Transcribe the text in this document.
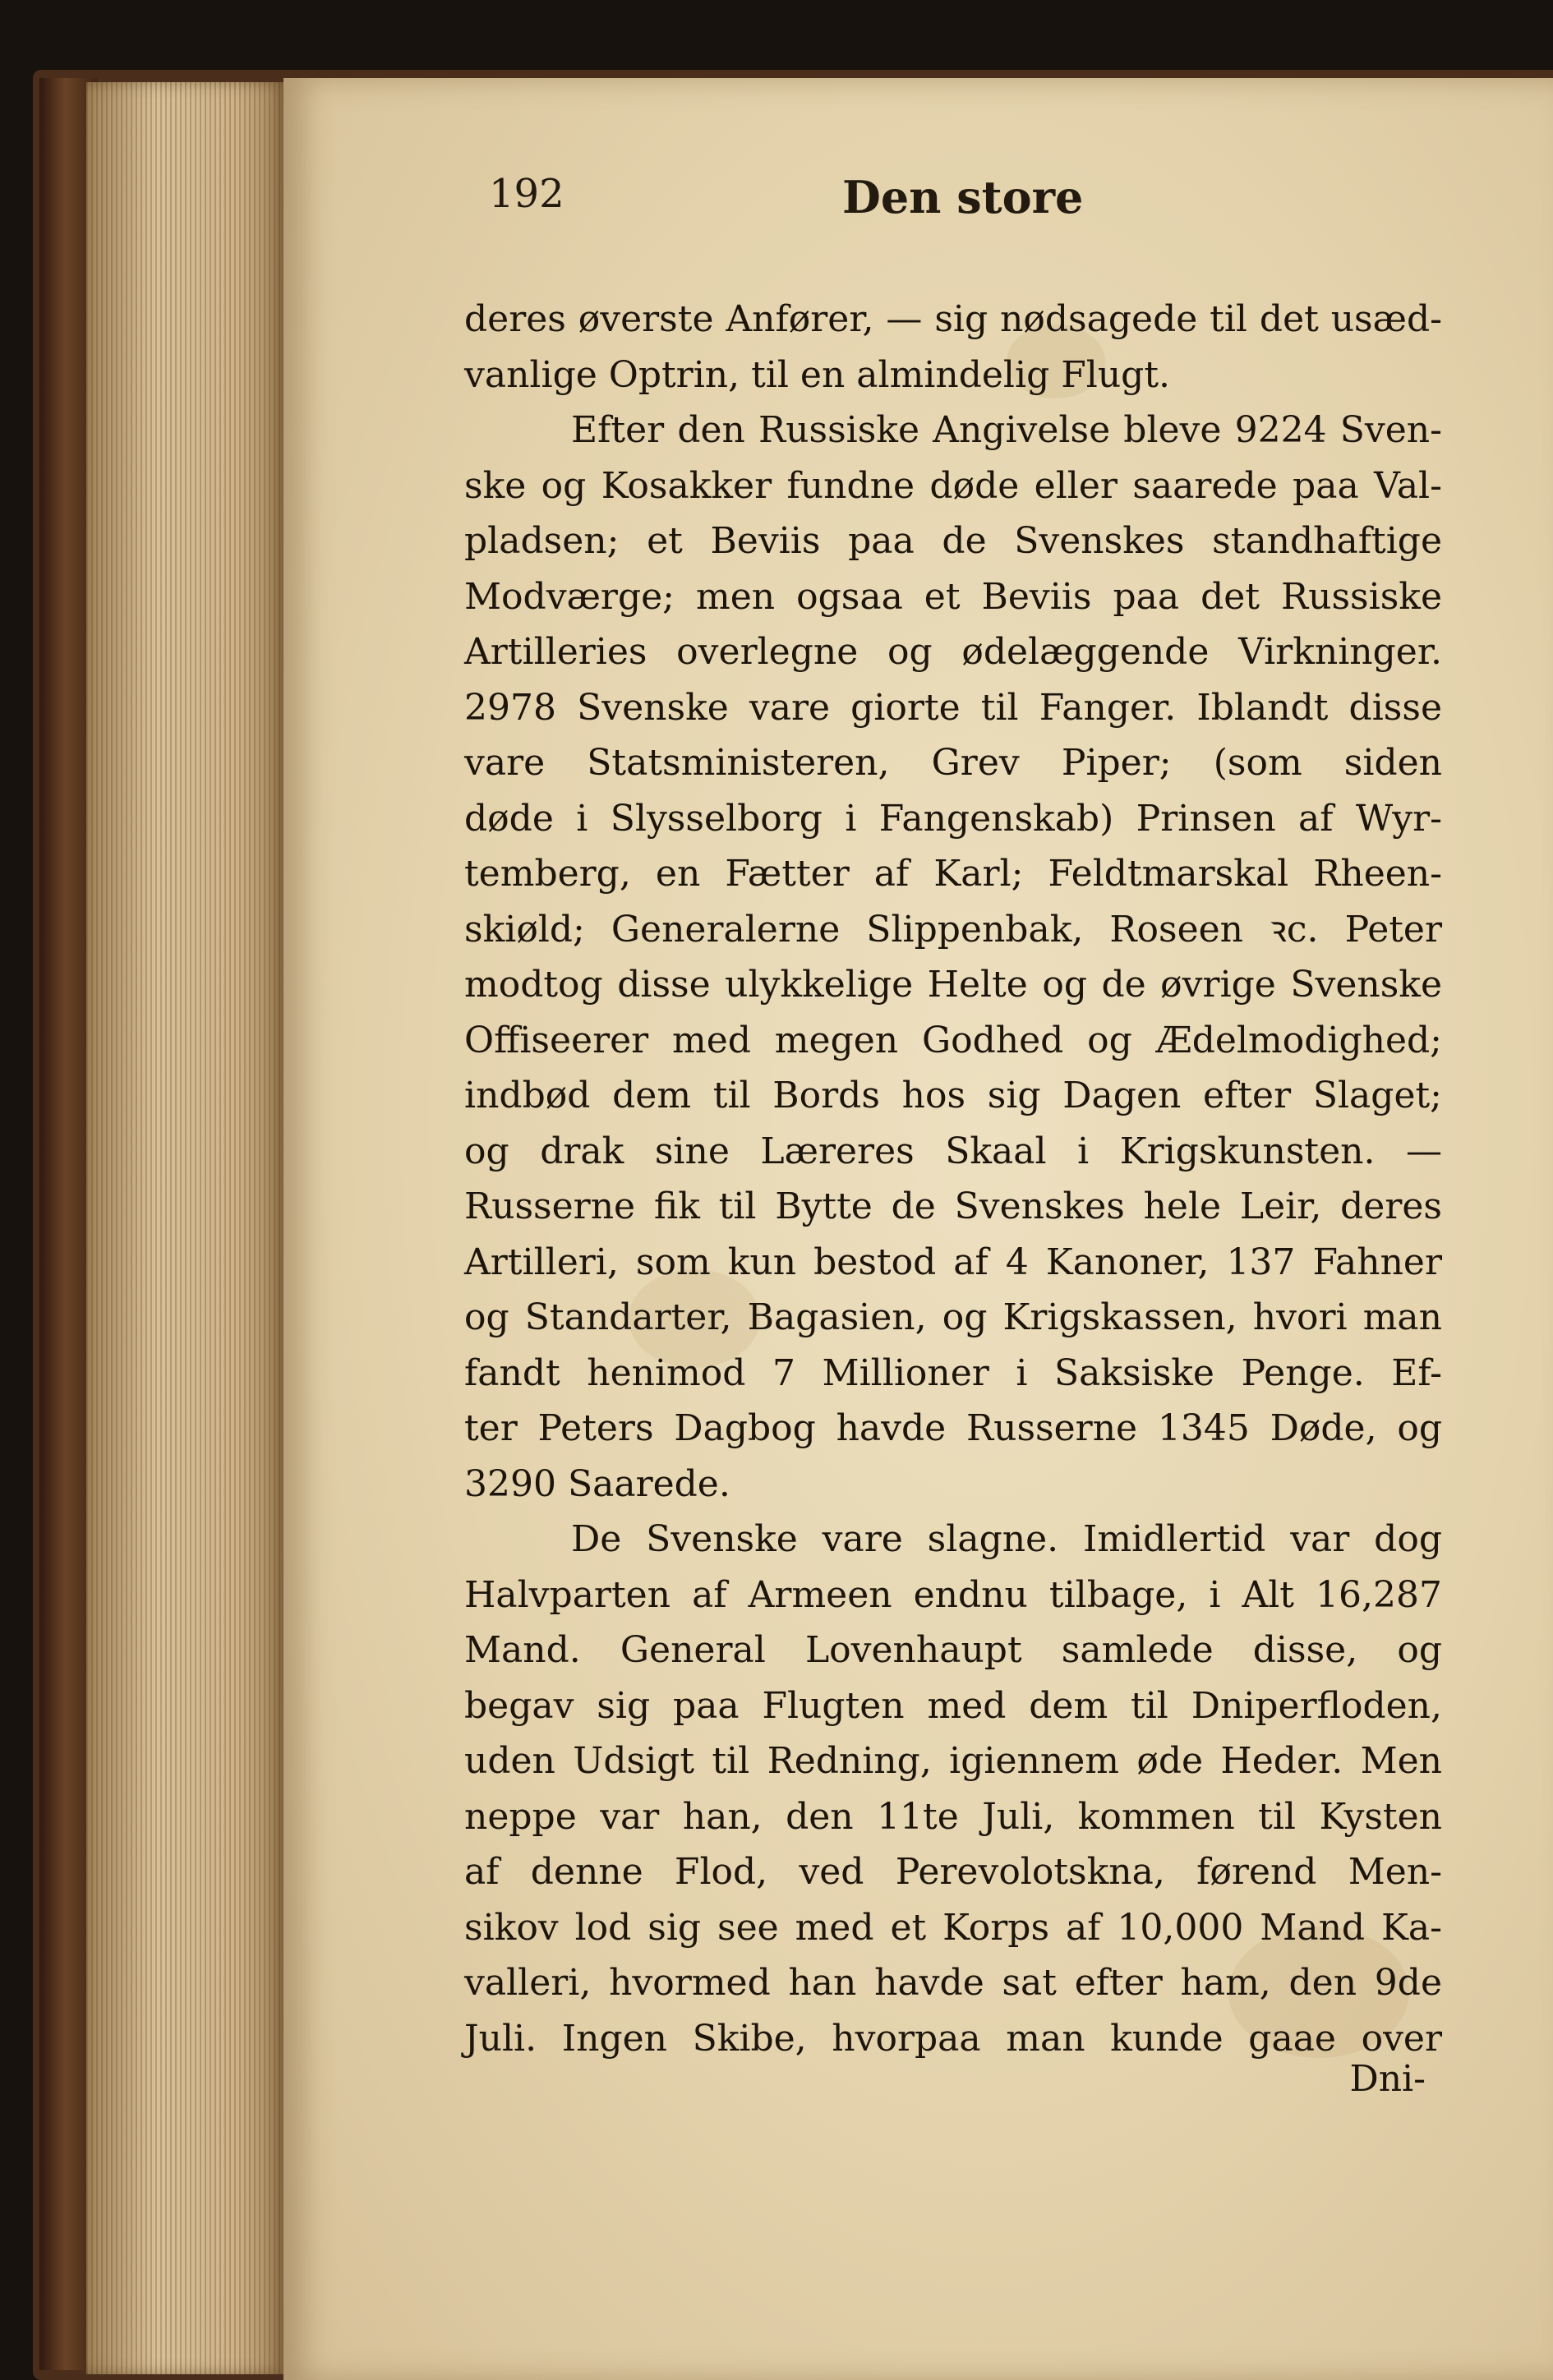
192	Den store
deres øverste Anfører, — sig nødsagede til det usæd-
vanlige Optrin, til en almindelig Flugt.
Efter den Russiske Angivelse bleve 9224 Sven-
ske og Kosakker fundne døde eller saarede paa Val-
pladsen; et Beviis paa de Svenskes standhaftige
Modværge; men ogsaa et Beviis paa det Russiske
Artilleries overlegne og ødelæggende Virkninger.
2978 Svenske vare giorte til Fanger. Iblandt disse
vare Statsministeren, Grev Piper; (som siden
døde i Slysselborg i Fangenskab) Prinsen af Wyr-
temberg, en Fætter af Karl; Feldtmarskal Rheen-
skiøld; Generalerne Slippenbak, Roseen ꝛc. Peter
modtog disse ulykkelige Helte og de øvrige Svenske
Offiseerer med megen Godhed og Ædelmodighed;
indbød dem til Bords hos sig Dagen efter Slaget;
og drak sine Læreres Skaal i Krigskunsten. —
Russerne fik til Bytte de Svenskes hele Leir, deres
Artilleri, som kun bestod af 4 Kanoner, 137 Fahner
og Standarter, Bagasien, og Krigskassen, hvori man
fandt henimod 7 Millioner i Saksiske Penge. Ef-
ter Peters Dagbog havde Russerne 1345 Døde, og
3290 Saarede.
De Svenske vare slagne. Imidlertid var dog
Halvparten af Armeen endnu tilbage, i Alt 16,287
Mand. General Lovenhaupt samlede disse, og
begav sig paa Flugten med dem til Dniperfloden,
uden Udsigt til Redning, igiennem øde Heder. Men
neppe var han, den 11te Juli, kommen til Kysten
af denne Flod, ved Perevolotskna, førend Men-
sikov lod sig see med et Korps af 10,000 Mand Ka-
valleri, hvormed han havde sat efter ham, den 9de
Juli. Ingen Skibe, hvorpaa man kunde gaae over
Dni-
